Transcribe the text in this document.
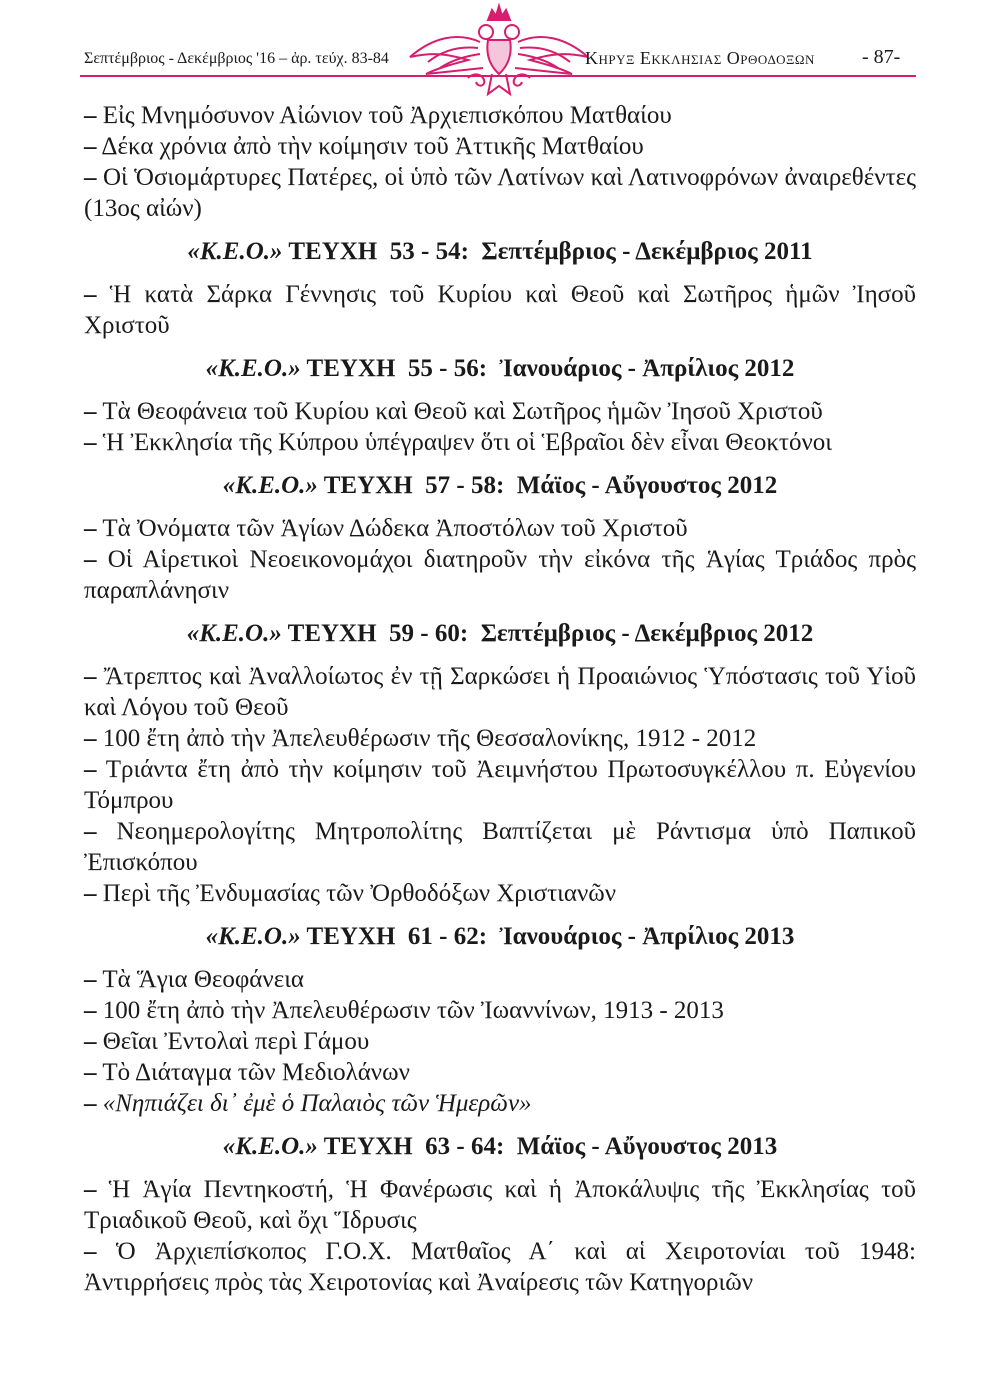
Σεπτέμβριος - Δεκέμβριος '16 – ἀρ. τεύχ. 83-84	Κηρυξ Εκκλησιας Ορθοδοξων - 87-

– Εἰς Μνημόσυνον Αἰώνιον τοῦ Ἀρχιεπισκόπου Ματθαίου

– Δέκα χρόνια ἀπὸ τὴν κοίμησιν τοῦ Ἀττικῆς Ματθαίου

– Οἱ Ὁσιομάρτυρες Πατέρες, οἱ ὑπὸ τῶν Λατίνων καὶ Λατινοφρόνων ἀναιρεθέντες (13ος αἰών)

«Κ.Ε.Ο.» ΤΕΥΧΗ  53 - 54:  Σεπτέμβριος - Δεκέμβριος 2011

– Ἡ κατὰ Σάρκα Γέννησις τοῦ Κυρίου καὶ Θεοῦ καὶ Σωτῆρος ἡμῶν Ἰησοῦ Χριστοῦ

«Κ.Ε.Ο.» ΤΕΥΧΗ  55 - 56:  Ἰανουάριος - Ἀπρίλιος 2012

– Τὰ Θεοφάνεια τοῦ Κυρίου καὶ Θεοῦ καὶ Σωτῆρος ἡμῶν Ἰησοῦ Χριστοῦ

– Ἡ Ἐκκλησία τῆς Κύπρου ὑπέγραψεν ὅτι οἱ Ἑβραῖοι δὲν εἶναι Θεοκτόνοι

«Κ.Ε.Ο.» ΤΕΥΧΗ  57 - 58:  Μάϊος - Αὔγουστος 2012

– Τὰ Ὀνόματα τῶν Ἁγίων Δώδεκα Ἀποστόλων τοῦ Χριστοῦ

– Οἱ Αἱρετικοὶ Νεοεικονομάχοι διατηροῦν τὴν εἰκόνα τῆς Ἁγίας Τριάδος πρὸς παραπλάνησιν

«Κ.Ε.Ο.» ΤΕΥΧΗ  59 - 60:  Σεπτέμβριος - Δεκέμβριος 2012

– Ἄτρεπτος καὶ Ἀναλλοίωτος ἐν τῇ Σαρκώσει ἡ Προαιώνιος Ὑπόστασις τοῦ Υἱοῦ καὶ Λόγου τοῦ Θεοῦ

– 100 ἔτη ἀπὸ τὴν Ἀπελευθέρωσιν τῆς Θεσσαλονίκης, 1912 - 2012

– Τριάντα ἔτη ἀπὸ τὴν κοίμησιν τοῦ Ἀειμνήστου Πρωτοσυγκέλλου π. Εὐγενίου Τόμπρου

– Νεοημερολογίτης Μητροπολίτης Βαπτίζεται μὲ Ράντισμα ὑπὸ Παπικοῦ Ἐπισκόπου

– Περὶ τῆς Ἐνδυμασίας τῶν Ὀρθοδόξων Χριστιανῶν

«Κ.Ε.Ο.» ΤΕΥΧΗ  61 - 62:  Ἰανουάριος - Ἀπρίλιος 2013

– Τὰ Ἅγια Θεοφάνεια

– 100 ἔτη ἀπὸ τὴν Ἀπελευθέρωσιν τῶν Ἰωαννίνων, 1913 - 2013

– Θεῖαι Ἐντολαὶ περὶ Γάμου

– Τὸ Διάταγμα τῶν Μεδιολάνων

– «Νηπιάζει δι᾽ ἐμὲ ὁ Παλαιὸς τῶν Ἡμερῶν»

«Κ.Ε.Ο.» ΤΕΥΧΗ  63 - 64:  Μάϊος - Αὔγουστος 2013

– Ἡ Ἁγία Πεντηκοστή, Ἡ Φανέρωσις καὶ ἡ Ἀποκάλυψις τῆς Ἐκκλησίας τοῦ Τριαδικοῦ Θεοῦ, καὶ ὄχι Ἵδρυσις

– Ὁ Ἀρχιεπίσκοπος Γ.Ο.Χ. Ματθαῖος Α΄ καὶ αἱ Χειροτονίαι τοῦ 1948: Ἀντιρρήσεις πρὸς τὰς Χειροτονίας καὶ Ἀναίρεσις τῶν Κατηγοριῶν
